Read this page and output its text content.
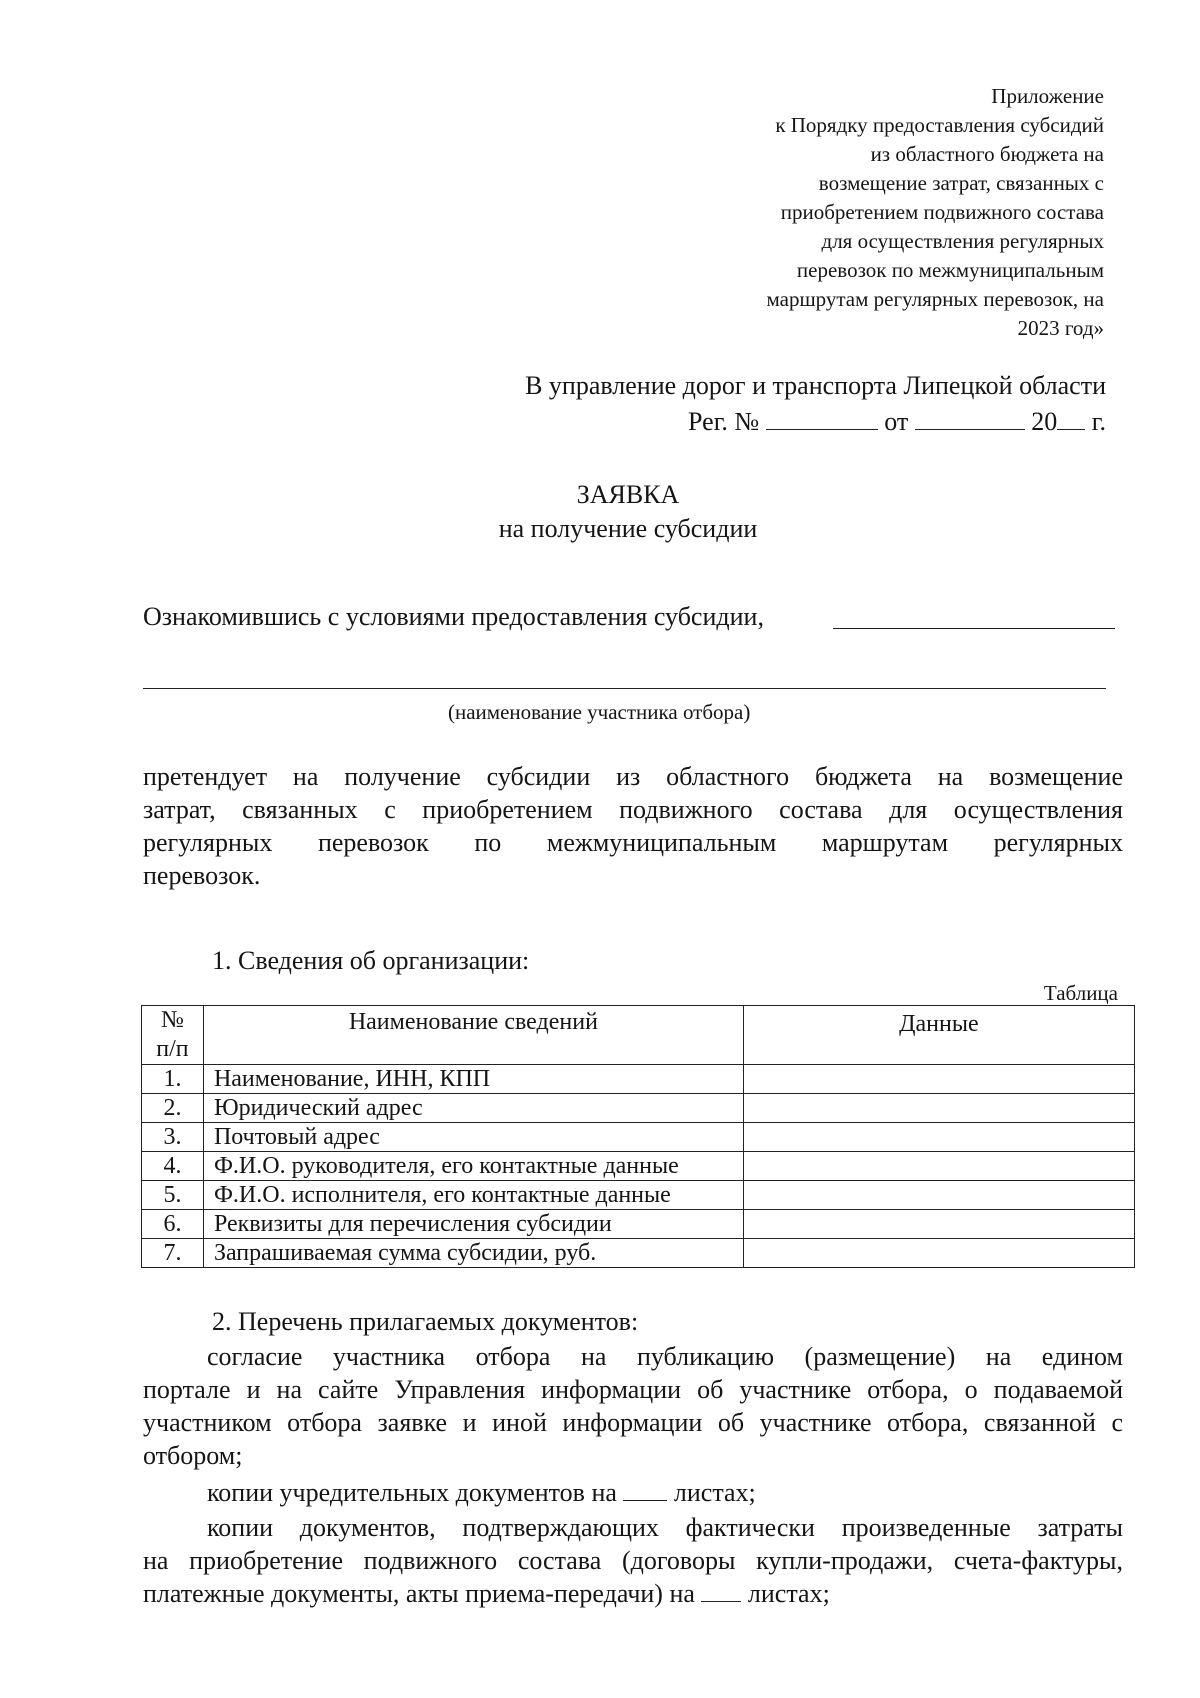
Приложение
к Порядку предоставления субсидий
из областного бюджета на
возмещение затрат, связанных с
приобретением подвижного состава
для осуществления регулярных
перевозок по межмуниципальным
маршрутам регулярных перевозок, на
2023 год»
В управление дорог и транспорта Липецкой области
Рег. №	от	20 г.
ЗАЯВКА
на получение субсидии
Ознакомившись с условиями предоставления субсидии,
(наименование участника отбора)
претендует на получение субсидии из областного бюджета на возмещение
затрат, связанных с приобретением подвижного состава для осуществления
регулярных перевозок по межмуниципальным маршрутам регулярных
перевозок.
1. Сведения об организации:
Таблица
№
п/п	Наименование сведений	Данные
1.	Наименование, ИНН, КПП	
2.	Юридический адрес	
3.	Почтовый адрес	
4.	Ф.И.О. руководителя, его контактные данные	
5.	Ф.И.О. исполнителя, его контактные данные	
6.	Реквизиты для перечисления субсидии	
7.	Запрашиваемая сумма субсидии, руб.	
2. Перечень прилагаемых документов:
согласие участника отбора на публикацию (размещение) на едином
портале и на сайте Управления информации об участнике отбора, о подаваемой
участником отбора заявке и иной информации об участнике отбора, связанной с
отбором;
копии учредительных документов на листах;
копии документов, подтверждающих фактически произведенные затраты
на приобретение подвижного состава (договоры купли-продажи, счета-фактуры,
платежные документы, акты приема-передачи) на листах;
